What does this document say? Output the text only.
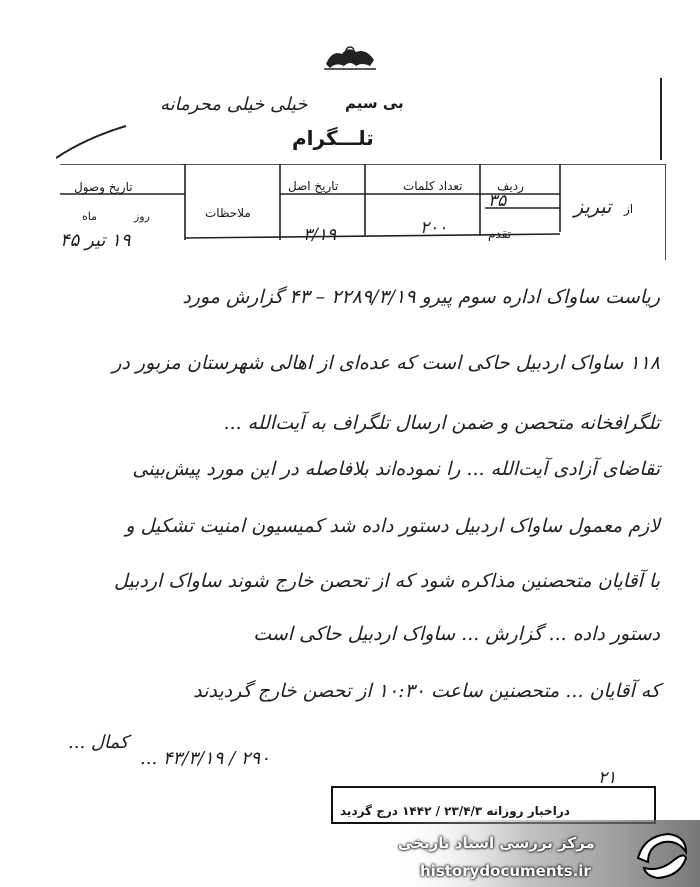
بی سیم
تلـــگرام
خیلی خیلی محرمانه
از
تبریز
ردیف
۳۵
تقدم
تعداد کلمات
۲۰۰
تاریخ اصل
۳/۱۹
ملاحظات
تاریخ وصول
روز
ماه
۱۹ تیر ۴۵
ریاست ساواک اداره سوم پیرو ۲۲۸۹/۳/۱۹ – ۴۳ گزارش مورد
۱۱۸ ساواک اردبیل حاکی است که عده‌ای از اهالی شهرستان مزبور در
تلگرافخانه متحصن و ضمن ارسال تلگراف به آیت‌الله ...
تقاضای آزادی آیت‌الله ... را نموده‌اند بلافاصله در این مورد پیش‌بینی
لازم معمول ساواک اردبیل دستور داده شد کمیسیون امنیت تشکیل و
با آقایان متحصنین مذاکره شود که از تحصن خارج شوند ساواک اردبیل
دستور داده ... گزارش ... ساواک اردبیل حاکی است
که آقایان ... متحصنین ساعت ۱۰:۳۰ از تحصن خارج گردیدند
کمال ...
۲۹۰ / ۴۳/۳/۱۹ ...
۲۱
دراخبار روزانه ۲۳/۴/۳ / ۱۴۴۲ درج گردید
مرکز بررسی اسناد تاریخی
historydocuments.ir
